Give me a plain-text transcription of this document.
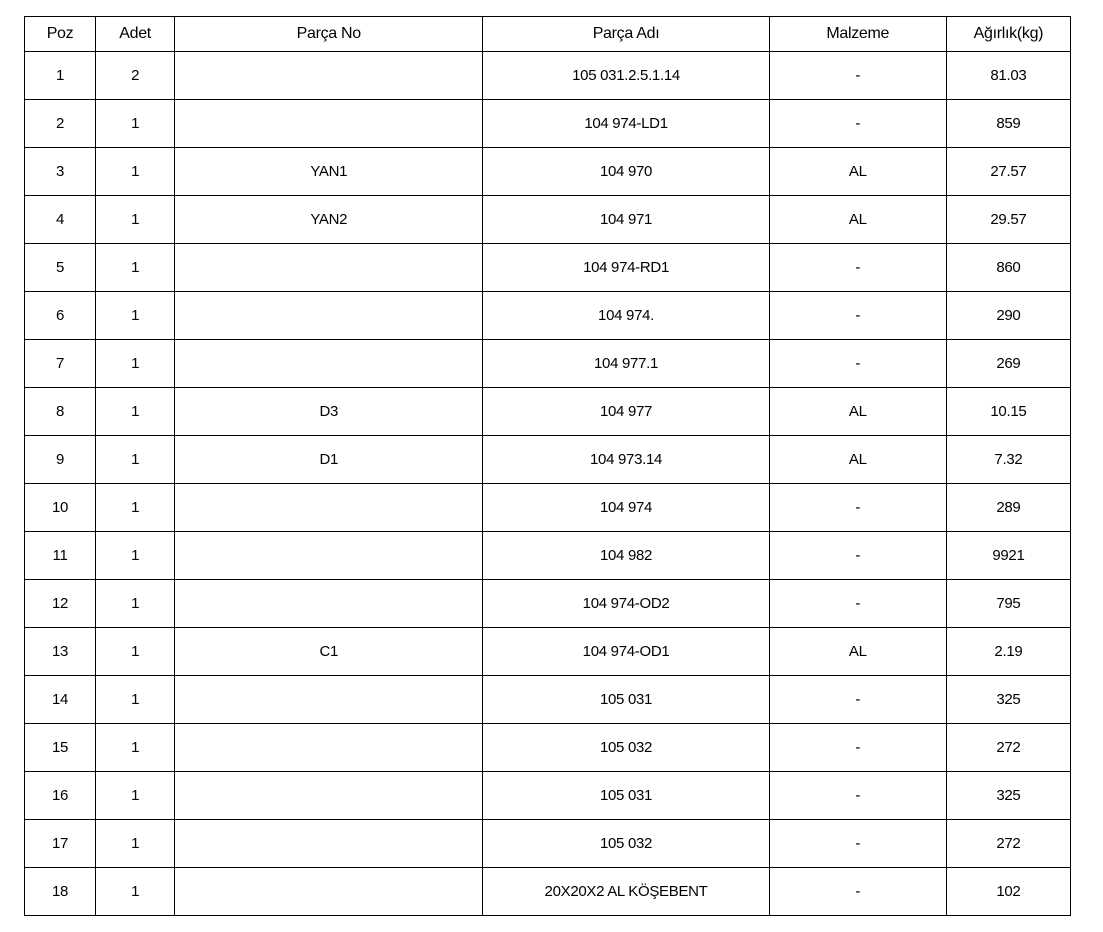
Poz	Adet	Parça No	Parça Adı	Malzeme	Ağırlık(kg)
1	2		105 031.2.5.1.14	-	81.03
2	1		104 974-LD1	-	859
3	1	YAN1	104 970	AL	27.57
4	1	YAN2	104 971	AL	29.57
5	1		104 974-RD1	-	860
6	1		104 974.	-	290
7	1		104 977.1	-	269
8	1	D3	104 977	AL	10.15
9	1	D1	104 973.14	AL	7.32
10	1		104 974	-	289
11	1		104 982	-	9921
12	1		104 974-OD2	-	795
13	1	C1	104 974-OD1	AL	2.19
14	1		105 031	-	325
15	1		105 032	-	272
16	1		105 031	-	325
17	1		105 032	-	272
18	1		20X20X2 AL KÖŞEBENT	-	102
